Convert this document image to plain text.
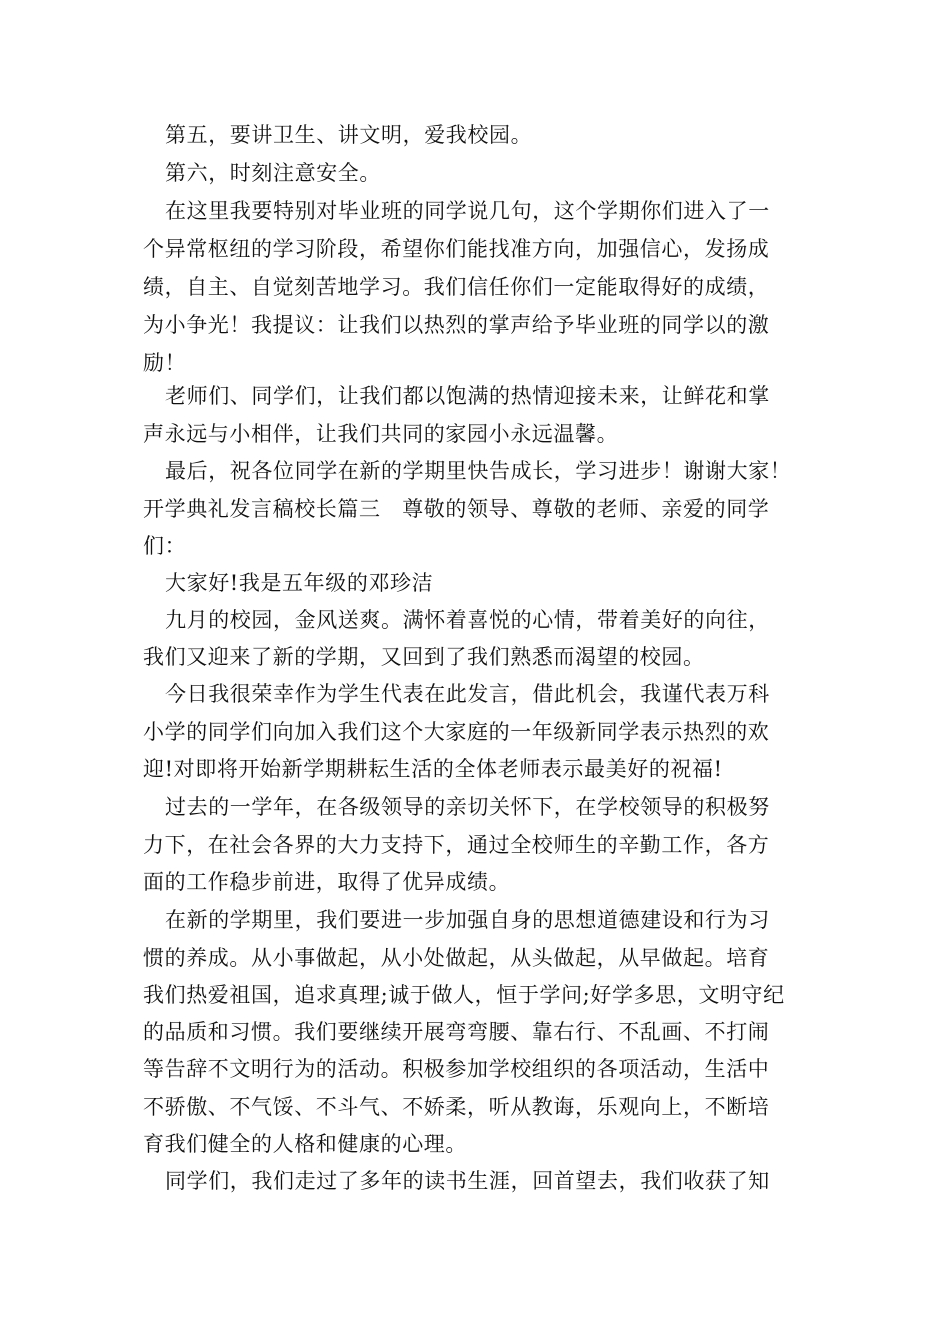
第五，要讲卫生、讲文明，爱我校园。
第六，时刻注意安全。
在这里我要特别对毕业班的同学说几句，这个学期你们进入了一
个异常枢纽的学习阶段，希望你们能找准方向，加强信心，发扬成
绩，自主、自觉刻苦地学习。我们信任你们一定能取得好的成绩，
为小争光！我提议：让我们以热烈的掌声给予毕业班的同学以的激
励！
老师们、同学们，让我们都以饱满的热情迎接未来，让鲜花和掌
声永远与小相伴，让我们共同的家园小永远温馨。
最后，祝各位同学在新的学期里快告成长，学习进步！谢谢大家！
开学典礼发言稿校长篇三　尊敬的领导、尊敬的老师、亲爱的同学
们：
大家好!我是五年级的邓珍洁
九月的校园，金风送爽。满怀着喜悦的心情，带着美好的向往，
我们又迎来了新的学期，又回到了我们熟悉而渴望的校园。
今日我很荣幸作为学生代表在此发言，借此机会，我谨代表万科
小学的同学们向加入我们这个大家庭的一年级新同学表示热烈的欢
迎!对即将开始新学期耕耘生活的全体老师表示最美好的祝福!
过去的一学年，在各级领导的亲切关怀下，在学校领导的积极努
力下，在社会各界的大力支持下，通过全校师生的辛勤工作，各方
面的工作稳步前进，取得了优异成绩。
在新的学期里，我们要进一步加强自身的思想道德建设和行为习
惯的养成。从小事做起，从小处做起，从头做起，从早做起。培育
我们热爱祖国，追求真理;诚于做人，恒于学问;好学多思，文明守纪
的品质和习惯。我们要继续开展弯弯腰、靠右行、不乱画、不打闹
等告辞不文明行为的活动。积极参加学校组织的各项活动，生活中
不骄傲、不气馁、不斗气、不娇柔，听从教诲，乐观向上，不断培
育我们健全的人格和健康的心理。
同学们，我们走过了多年的读书生涯，回首望去，我们收获了知
